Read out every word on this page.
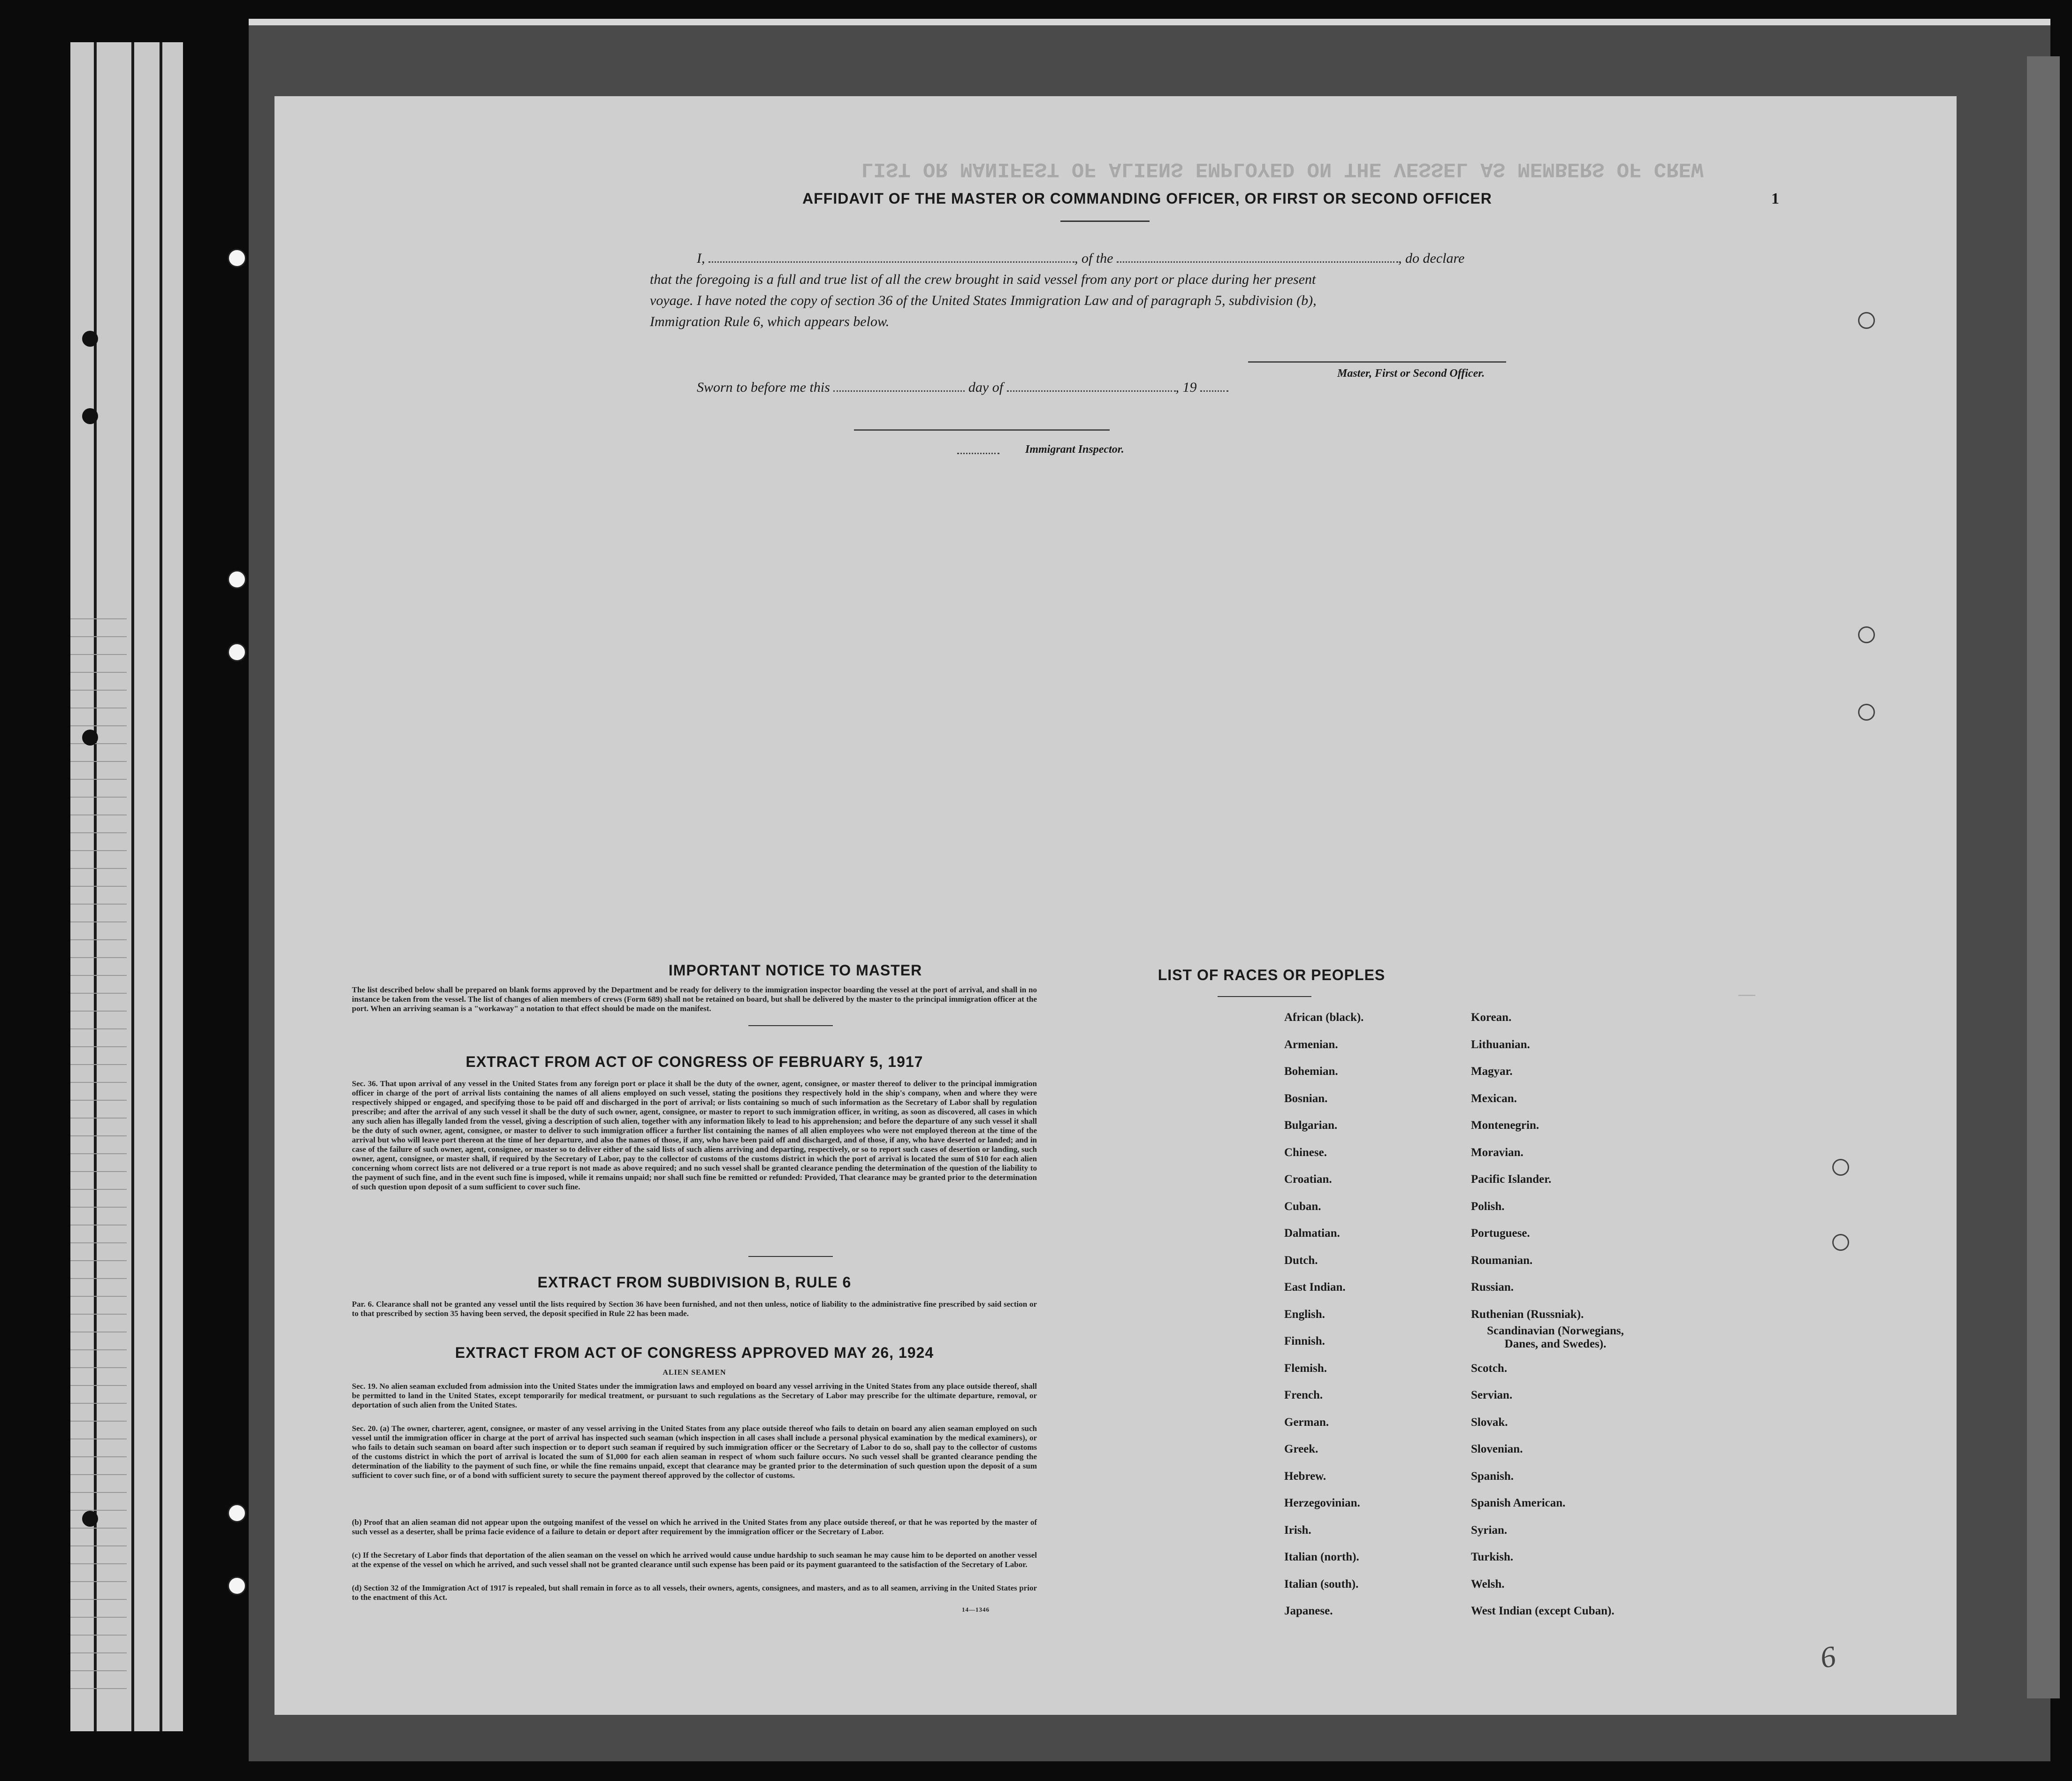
LIST OR MANIFEST OF ALIENS EMPLOYED ON THE VESSEL AS MEMBERS OF CREW
——
AFFIDAVIT OF THE MASTER OR COMMANDING OFFICER, OR FIRST OR SECOND OFFICER	1
I,	, of the	, do declare
that the foregoing is a full and true list of all the crew brought in said vessel from any port or place during her present
voyage. I have noted the copy of section 36 of the United States Immigration Law and of paragraph 5, subdivision (b),
Immigration Rule 6, which appears below.
Master, First or Second Officer.
Sworn to before me this	day of	, 19
Immigrant Inspector.
IMPORTANT NOTICE TO MASTER
The list described below shall be prepared on blank forms approved by the Department and be ready for delivery to the immigration inspector boarding the vessel at the port of arrival, and shall in no instance be taken from the vessel. The list of changes of alien members of crews (Form 689) shall not be retained on board, but shall be delivered by the master to the principal immigration officer at the port. When an arriving seaman is a "workaway" a notation to that effect should be made on the manifest.
EXTRACT FROM ACT OF CONGRESS OF FEBRUARY 5, 1917
Sec. 36. That upon arrival of any vessel in the United States from any foreign port or place it shall be the duty of the owner, agent, consignee, or master thereof to deliver to the principal immigration officer in charge of the port of arrival lists containing the names of all aliens employed on such vessel, stating the positions they respectively hold in the ship's company, when and where they were respectively shipped or engaged, and specifying those to be paid off and discharged in the port of arrival; or lists containing so much of such information as the Secretary of Labor shall by regulation prescribe; and after the arrival of any such vessel it shall be the duty of such owner, agent, consignee, or master to report to such immigration officer, in writing, as soon as discovered, all cases in which any such alien has illegally landed from the vessel, giving a description of such alien, together with any information likely to lead to his apprehension; and before the departure of any such vessel it shall be the duty of such owner, agent, consignee, or master to deliver to such immigration officer a further list containing the names of all alien employees who were not employed thereon at the time of the arrival but who will leave port thereon at the time of her departure, and also the names of those, if any, who have been paid off and discharged, and of those, if any, who have deserted or landed; and in case of the failure of such owner, agent, consignee, or master so to deliver either of the said lists of such aliens arriving and departing, respectively, or so to report such cases of desertion or landing, such owner, agent, consignee, or master shall, if required by the Secretary of Labor, pay to the collector of customs of the customs district in which the port of arrival is located the sum of $10 for each alien concerning whom correct lists are not delivered or a true report is not made as above required; and no such vessel shall be granted clearance pending the determination of the question of the liability to the payment of such fine, and in the event such fine is imposed, while it remains unpaid; nor shall such fine be remitted or refunded: Provided, That clearance may be granted prior to the determination of such question upon deposit of a sum sufficient to cover such fine.
EXTRACT FROM SUBDIVISION B, RULE 6
Par. 6. Clearance shall not be granted any vessel until the lists required by Section 36 have been furnished, and not then unless, notice of liability to the administrative fine prescribed by said section or to that prescribed by section 35 having been served, the deposit specified in Rule 22 has been made.
EXTRACT FROM ACT OF CONGRESS APPROVED MAY 26, 1924
ALIEN SEAMEN
Sec. 19. No alien seaman excluded from admission into the United States under the immigration laws and employed on board any vessel arriving in the United States from any place outside thereof, shall be permitted to land in the United States, except temporarily for medical treatment, or pursuant to such regulations as the Secretary of Labor may prescribe for the ultimate departure, removal, or deportation of such alien from the United States.
Sec. 20. (a) The owner, charterer, agent, consignee, or master of any vessel arriving in the United States from any place outside thereof who fails to detain on board any alien seaman employed on such vessel until the immigration officer in charge at the port of arrival has inspected such seaman (which inspection in all cases shall include a personal physical examination by the medical examiners), or who fails to detain such seaman on board after such inspection or to deport such seaman if required by such immigration officer or the Secretary of Labor to do so, shall pay to the collector of customs of the customs district in which the port of arrival is located the sum of $1,000 for each alien seaman in respect of whom such failure occurs. No such vessel shall be granted clearance pending the determination of the liability to the payment of such fine, or while the fine remains unpaid, except that clearance may be granted prior to the determination of such question upon the deposit of a sum sufficient to cover such fine, or of a bond with sufficient surety to secure the payment thereof approved by the collector of customs.
(b) Proof that an alien seaman did not appear upon the outgoing manifest of the vessel on which he arrived in the United States from any place outside thereof, or that he was reported by the master of such vessel as a deserter, shall be prima facie evidence of a failure to detain or deport after requirement by the immigration officer or the Secretary of Labor.
(c) If the Secretary of Labor finds that deportation of the alien seaman on the vessel on which he arrived would cause undue hardship to such seaman he may cause him to be deported on another vessel at the expense of the vessel on which he arrived, and such vessel shall not be granted clearance until such expense has been paid or its payment guaranteed to the satisfaction of the Secretary of Labor.
(d) Section 32 of the Immigration Act of 1917 is repealed, but shall remain in force as to all vessels, their owners, agents, consignees, and masters, and as to all seamen, arriving in the United States prior to the enactment of this Act.
14—1346
LIST OF RACES OR PEOPLES
African (black).
Armenian.
Bohemian.
Bosnian.
Bulgarian.
Chinese.
Croatian.
Cuban.
Dalmatian.
Dutch.
East Indian.
English.
Finnish.
Flemish.
French.
German.
Greek.
Hebrew.
Herzegovinian.
Irish.
Italian (north).
Italian (south).
Japanese.
Korean.
Lithuanian.
Magyar.
Mexican.
Montenegrin.
Moravian.
Pacific Islander.
Polish.
Portuguese.
Roumanian.
Russian.
Ruthenian (Russniak).
Scandinavian (Norwegians, Danes, and Swedes).
Scotch.
Servian.
Slovak.
Slovenian.
Spanish.
Spanish American.
Syrian.
Turkish.
Welsh.
West Indian (except Cuban).
6
